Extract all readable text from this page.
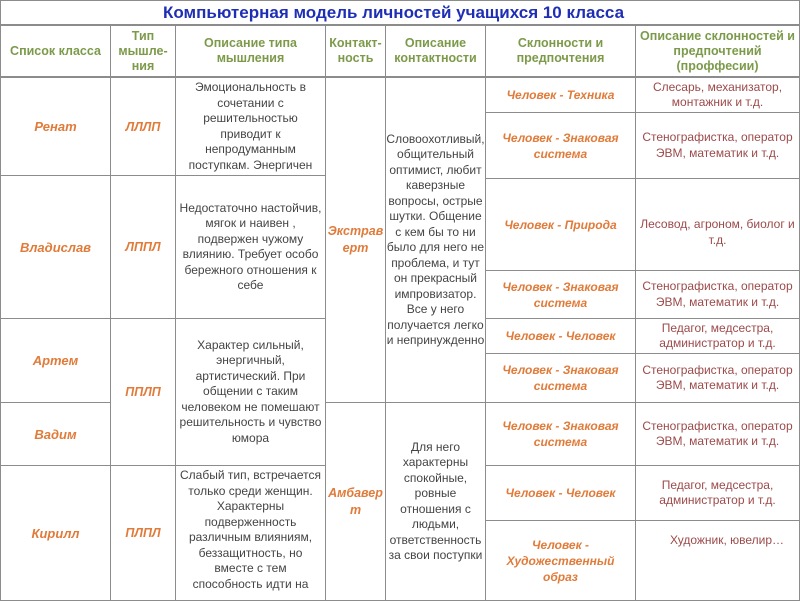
Компьютерная модель личностей учащихся 10 класса
Список класса
Тип мышле-ния
Описание типа мышления
Контакт-ность
Описание контактности
Склонности и предпочтения
Описание склонностей и предпочтений (проффесии)
Ренат
Владислав
Артем
Вадим
Кирилл
ЛЛЛП
ЛППЛ
ППЛП
ПЛПЛ
Эмоциональность в сочетании с решительностью приводит к непродуманным поступкам. Энергичен
Недостаточно настойчив, мягок и наивен , подвержен чужому влиянию. Требует особо бережного отношения к себе
Характер сильный, энергичный, артистический. При общении с таким человеком не помешают решительность и чувство юмора
Слабый тип, встречается только среди женщин. Характерны подверженность различным влияниям, беззащитность, но вместе с тем способность идти на
Экстраверт
Амбаверт
Словоохотливый, общительный оптимист, любит каверзные вопросы, острые шутки. Общение с кем бы то ни было для него не проблема, и тут он прекрасный импровизатор. Все у него получается легко и непринужденно
Для него характерны спокойные, ровные отношения с людьми, ответственность за свои поступки
Человек - Техника
Человек - Знаковая система
Человек - Природа
Человек - Знаковая система
Человек - Человек
Человек - Знаковая система
Человек - Знаковая система
Человек - Человек
Человек - Художественный образ
Слесарь, механизатор, монтажник и т.д.
Стенографистка, оператор ЭВМ, математик и т.д.
Лесовод, агроном, биолог и т.д.
Стенографистка, оператор ЭВМ, математик и т.д.
Педагог, медсестра, администратор и т.д.
Стенографистка, оператор ЭВМ, математик и т.д.
Стенографистка, оператор ЭВМ, математик и т.д.
Педагог, медсестра, администратор и т.д.
Художник, ювелир…
